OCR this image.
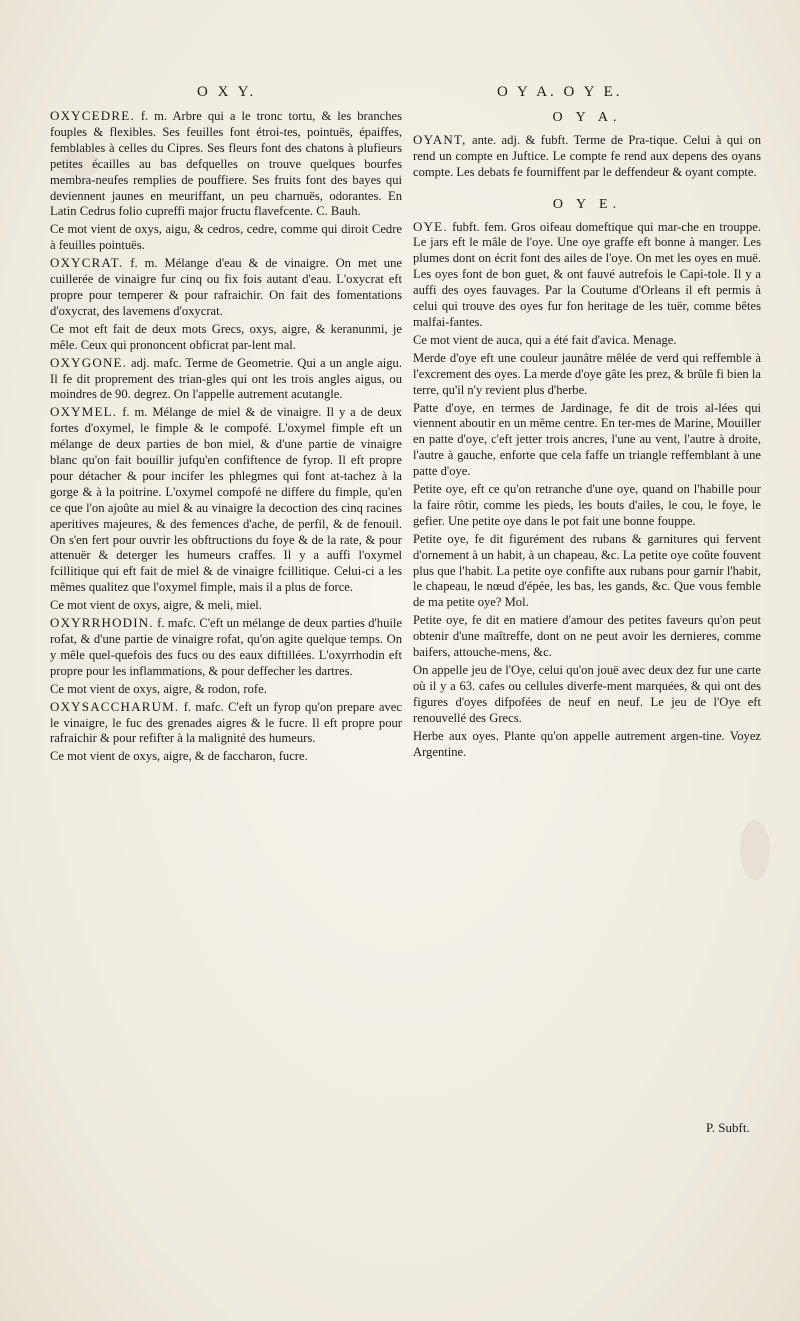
O X Y.	O Y A. O Y E.

OXYCEDRE. f. m. Arbre qui a le tronc tortu, & les branches fouples & flexibles. Ses feuilles font étroi-tes, pointuës, épaiffes, femblables à celles du Cipres. Ses fleurs font des chatons à plufieurs petites écailles au bas defquelles on trouve quelques bourfes membra-neufes remplies de pouffiere. Ses fruits font des bayes qui deviennent jaunes en meuriffant, un peu charnuës, odorantes. En Latin Cedrus folio cupreffi major fructu flavefcente. C. Bauh.

Ce mot vient de oxys, aigu, & cedros, cedre, comme qui diroit Cedre à feuilles pointuës.

OXYCRAT. f. m. Mélange d'eau & de vinaigre. On met une cuillerée de vinaigre fur cinq ou fix fois autant d'eau. L'oxycrat eft propre pour temperer & pour rafraichir. On fait des fomentations d'oxycrat, des lavemens d'oxycrat.

Ce mot eft fait de deux mots Grecs, oxys, aigre, & keranunmi, je mêle. Ceux qui prononcent obficrat par-lent mal.

OXYGONE. adj. mafc. Terme de Geometrie. Qui a un angle aigu. Il fe dit proprement des trian-gles qui ont les trois angles aigus, ou moindres de 90. degrez. On l'appelle autrement acutangle.

OXYMEL. f. m. Mélange de miel & de vinaigre. Il y a de deux fortes d'oxymel, le fimple & le compofé. L'oxymel fimple eft un mélange de deux parties de bon miel, & d'une partie de vinaigre blanc qu'on fait bouillir jufqu'en confiftence de fyrop. Il eft propre pour détacher & pour incifer les phlegmes qui font at-tachez à la gorge & à la poitrine. L'oxymel compofé ne differe du fimple, qu'en ce que l'on ajoûte au miel & au vinaigre la decoction des cinq racines aperitives majeures, & des femences d'ache, de perfil, & de fenouil. On s'en fert pour ouvrir les obftructions du foye & de la rate, & pour attenuër & deterger les humeurs craffes. Il y a auffi l'oxymel fcillitique qui eft fait de miel & de vinaigre fcillitique. Celui-ci a les mêmes qualitez que l'oxymel fimple, mais il a plus de force.

Ce mot vient de oxys, aigre, & meli, miel.

OXYRRHODIN. f. mafc. C'eft un mélange de deux parties d'huile rofat, & d'une partie de vinaigre rofat, qu'on agite quelque temps. On y mêle quel-quefois des fucs ou des eaux diftillées. L'oxyrrhodin eft propre pour les inflammations, & pour deffecher les dartres.

Ce mot vient de oxys, aigre, & rodon, rofe.

OXYSACCHARUM. f. mafc. C'eft un fyrop qu'on prepare avec le vinaigre, le fuc des grenades aigres & le fucre. Il eft propre pour rafraichir & pour refifter à la malignité des humeurs.

Ce mot vient de oxys, aigre, & de faccharon, fucre.

O Y A.

OYANT, ante. adj. & fubft. Terme de Pra-tique. Celui à qui on rend un compte en Juftice. Le compte fe rend aux depens des oyans compte. Les debats fe fourniffent par le deffendeur & oyant compte.

O Y E.

OYE. fubft. fem. Gros oifeau domeftique qui mar-che en trouppe. Le jars eft le mâle de l'oye. Une oye graffe eft bonne à manger. Les plumes dont on écrit font des ailes de l'oye. On met les oyes en muë. Les oyes font de bon guet, & ont fauvé autrefois le Capi-tole. Il y a auffi des oyes fauvages. Par la Coutume d'Orleans il eft permis à celui qui trouve des oyes fur fon heritage de les tuër, comme bêtes malfai-fantes.

Ce mot vient de auca, qui a été fait d'avica. Menage.

Merde d'oye eft une couleur jaunâtre mêlée de verd qui reffemble à l'excrement des oyes. La merde d'oye gâte les prez, & brûle fi bien la terre, qu'il n'y revient plus d'herbe.

Patte d'oye, en termes de Jardinage, fe dit de trois al-lées qui viennent aboutir en un même centre. En ter-mes de Marine, Mouiller en patte d'oye, c'eft jetter trois ancres, l'une au vent, l'autre à droite, l'autre à gauche, enforte que cela faffe un triangle reffemblant à une patte d'oye.

Petite oye, eft ce qu'on retranche d'une oye, quand on l'habille pour la faire rôtir, comme les pieds, les bouts d'ailes, le cou, le foye, le gefier. Une petite oye dans le pot fait une bonne fouppe.

Petite oye, fe dit figurément des rubans & garnitures qui fervent d'ornement à un habit, à un chapeau, &c. La petite oye coûte fouvent plus que l'habit. La petite oye confifte aux rubans pour garnir l'habit, le chapeau, le nœud d'épée, les bas, les gands, &c. Que vous femble de ma petite oye? Mol.

Petite oye, fe dit en matiere d'amour des petites faveurs qu'on peut obtenir d'une maîtreffe, dont on ne peut avoir les dernieres, comme baifers, attouche-mens, &c.

On appelle jeu de l'Oye, celui qu'on jouë avec deux dez fur une carte où il y a 63. cafes ou cellules diverfe-ment marquées, & qui ont des figures d'oyes difpofées de neuf en neuf. Le jeu de l'Oye eft renouvellé des Grecs.

Herbe aux oyes. Plante qu'on appelle autrement argen-tine. Voyez Argentine.

P. Subft.
